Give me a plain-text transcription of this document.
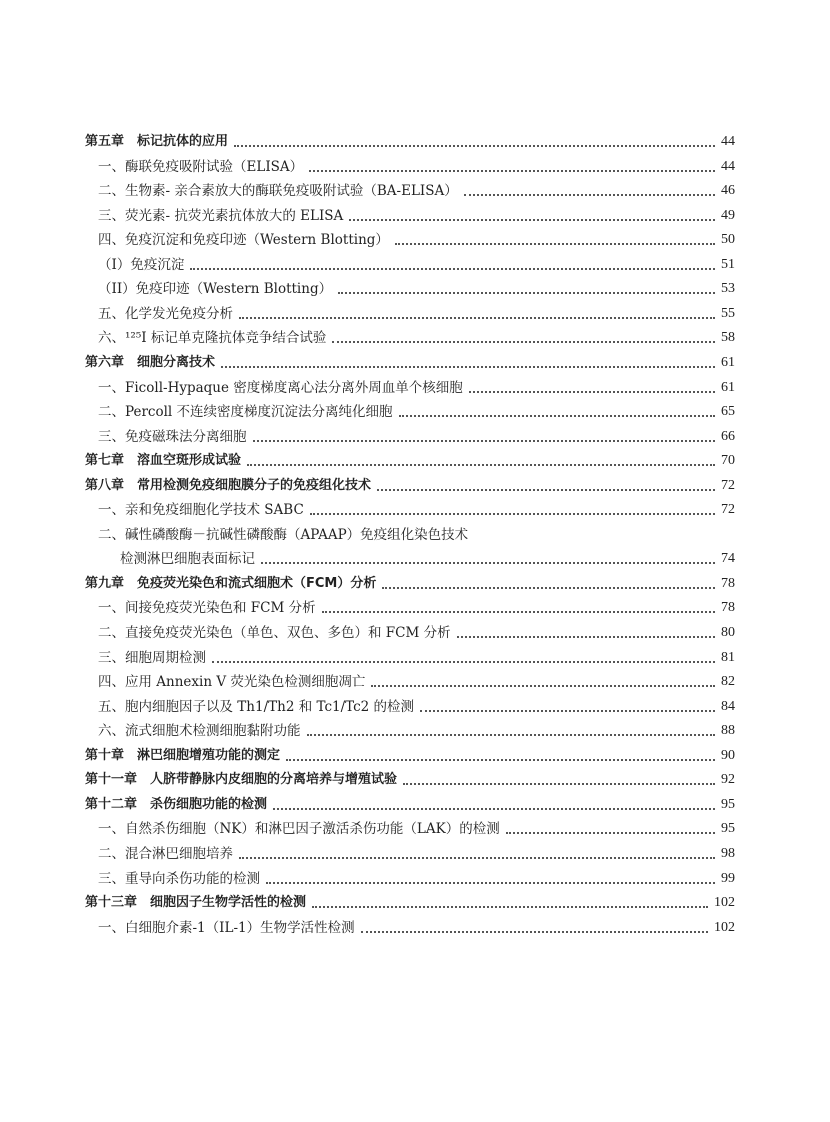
PDG
第五章　标记抗体的应用	44
一、酶联免疫吸附试验（ELISA）	44
二、生物素- 亲合素放大的酶联免疫吸附试验（BA-ELISA）	46
三、荧光素- 抗荧光素抗体放大的 ELISA	49
四、免疫沉淀和免疫印迹（Western Blotting）	50
（I）免疫沉淀	51
（II）免疫印迹（Western Blotting）	53
五、化学发光免疫分析	55
六、¹²⁵I 标记单克隆抗体竞争结合试验	58
第六章　细胞分离技术	61
一、Ficoll-Hypaque 密度梯度离心法分离外周血单个核细胞	61
二、Percoll 不连续密度梯度沉淀法分离纯化细胞	65
三、免疫磁珠法分离细胞	66
第七章　溶血空斑形成试验	70
第八章　常用检测免疫细胞膜分子的免疫组化技术	72
一、亲和免疫细胞化学技术 SABC	72
二、碱性磷酸酶－抗碱性磷酸酶（APAAP）免疫组化染色技术
检测淋巴细胞表面标记	74
第九章　免疫荧光染色和流式细胞术（FCM）分析	78
一、间接免疫荧光染色和 FCM 分析	78
二、直接免疫荧光染色（单色、双色、多色）和 FCM 分析	80
三、细胞周期检测	81
四、应用 Annexin V 荧光染色检测细胞凋亡	82
五、胞内细胞因子以及 Th1/Th2 和 Tc1/Tc2 的检测	84
六、流式细胞术检测细胞黏附功能	88
第十章　淋巴细胞增殖功能的测定	90
第十一章　人脐带静脉内皮细胞的分离培养与增殖试验	92
第十二章　杀伤细胞功能的检测	95
一、自然杀伤细胞（NK）和淋巴因子激活杀伤功能（LAK）的检测	95
二、混合淋巴细胞培养	98
三、重导向杀伤功能的检测	99
第十三章　细胞因子生物学活性的检测	102
一、白细胞介素-1（IL-1）生物学活性检测	102
